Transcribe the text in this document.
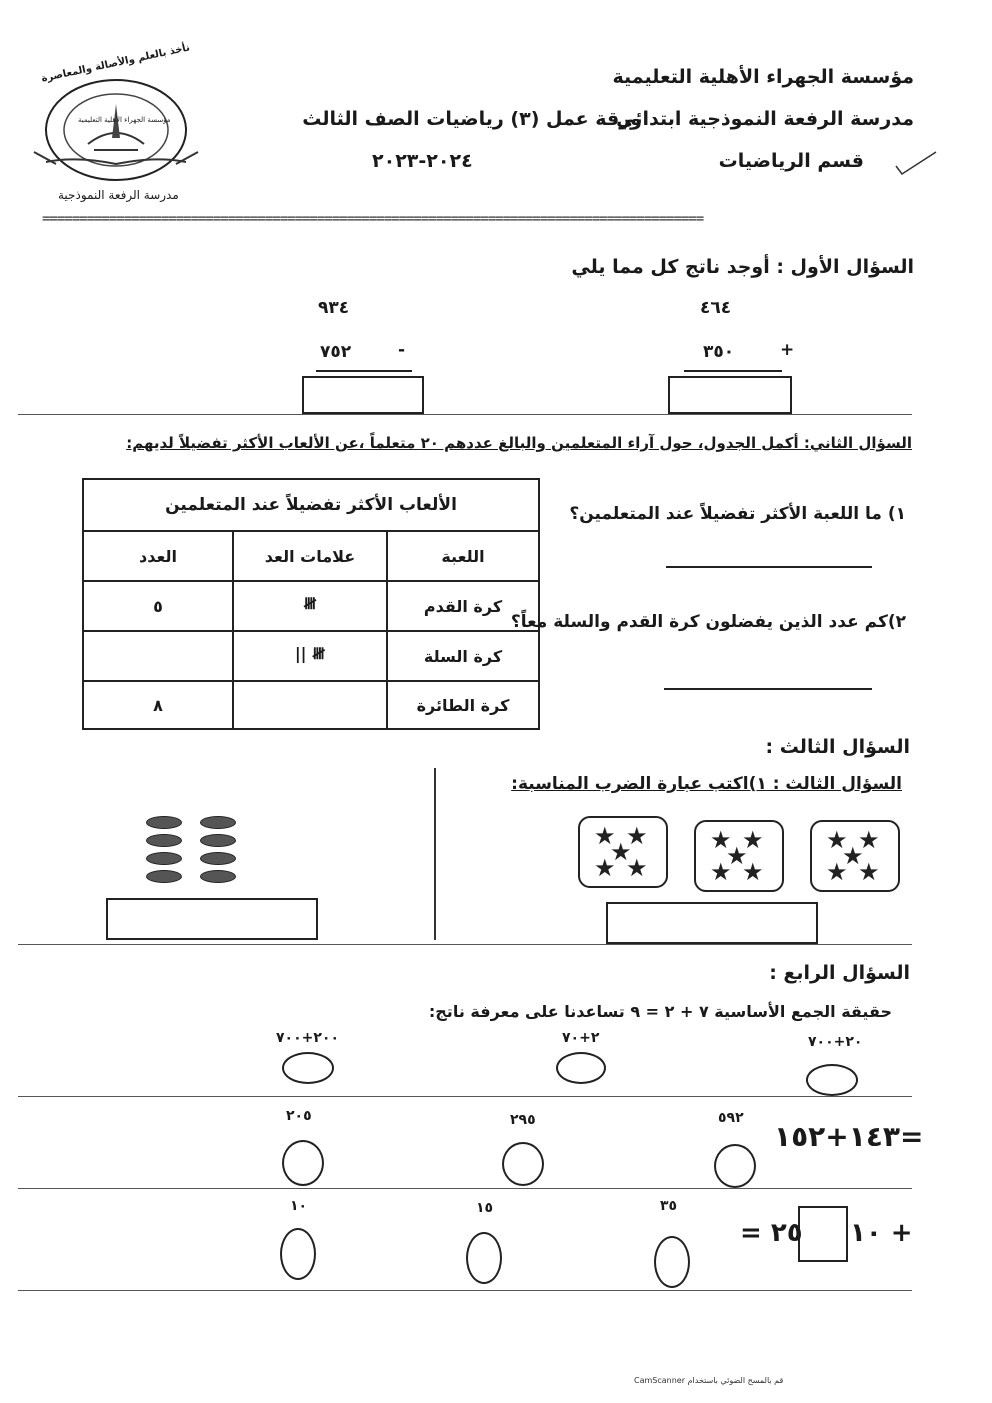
مؤسسة الجهراء الأهلية التعليمية
مدرسة الرفعة النموذجية ابتدائي
ورقة عمل (٣) رياضيات الصف الثالث
قسم الرياضيات
٢٠٢٤-٢٠٢٣
نأخذ بالعلم والأصالة والمعاصرة
مؤسسة الجهراء الأهلية التعليمية
مدرسة الرفعة النموذجية
=========================================================================================
السؤال الأول : أوجد ناتج كل مما يلي
٤٦٤
٣٥٠	+
٩٣٤
٧٥٢	-
السؤال الثاني: أكمل الجدول، حول آراء المتعلمين والبالغ عددهم ٢٠ متعلماً ،عن الألعاب الأكثر تفضيلاً لديهم:
الألعاب الأكثر تفضيلاً عند المتعلمين		
اللعبة	علامات العد	العدد
كرة القدم	𝍸	٥
كرة السلة	𝍸 ||	
كرة الطائرة		٨
١) ما اللعبة الأكثر تفضيلاً عند المتعلمين؟
٢)كم عدد الذين يفضلون كرة القدم والسلة معاً؟
السؤال الثالث :
السؤال الثالث : ١)اكتب عبارة الضرب المناسبة:
★ ★
★
★ ★
★ ★
★
★ ★
★ ★
★
★ ★
السؤال الرابع :
حقيقة الجمع الأساسية ٧ + ٢ = ٩ تساعدنا على معرفة ناتج:
٢٠+٧٠٠
٢+٧٠
٢٠٠+٧٠٠
=١٤٣+١٥٢
٥٩٢
٢٩٥
٢٠٥
+ ١٠
٢٥ =
٣٥
١٥
١٠
CamScanner قم بالمسح الضوئي باستخدام
